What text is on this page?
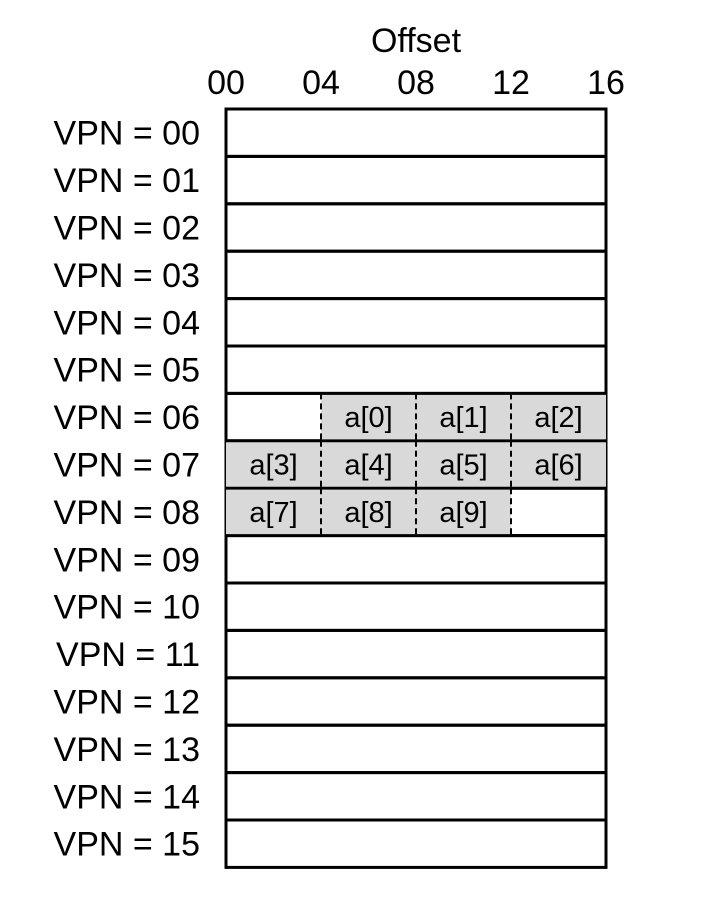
Offset
00 04 08 12 16
VPN = 00
VPN = 01
VPN = 02
VPN = 03
VPN = 04
VPN = 05
VPN = 06
VPN = 07
VPN = 08
VPN = 09
VPN = 10
VPN = 11
VPN = 12
VPN = 13
VPN = 14
VPN = 15
a[0] a[1] a[2]
a[3] a[4] a[5] a[6]
a[7] a[8] a[9]
